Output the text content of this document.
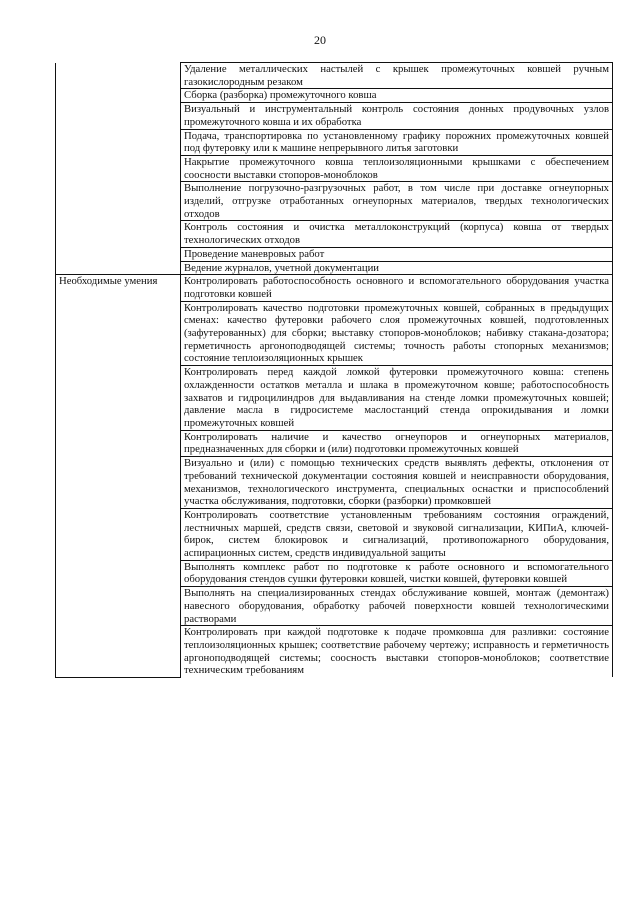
20
	Удаление металлических настылей с крышек промежуточных ковшей ручным газокислородным резаком
	Сборка (разборка) промежуточного ковша
	Визуальный и инструментальный контроль состояния донных продувочных узлов промежуточного ковша и их обработка
	Подача, транспортировка по установленному графику порожних промежуточных ковшей под футеровку или к машине непрерывного литья заготовки
	Накрытие промежуточного ковша теплоизоляционными крышками с обеспечением соосности выставки стопоров-моноблоков
	Выполнение погрузочно-разгрузочных работ, в том числе при доставке огнеупорных изделий, отгрузке отработанных огнеупорных материалов, твердых технологических отходов
	Контроль состояния и очистка металлоконструкций (корпуса) ковша от твердых технологических отходов
	Проведение маневровых работ
	Ведение журналов, учетной документации
Необходимые умения	Контролировать работоспособность основного и вспомогательного оборудования участка подготовки ковшей
	Контролировать качество подготовки промежуточных ковшей, собранных в предыдущих сменах: качество футеровки рабочего слоя промежуточных ковшей, подготовленных (зафутерованных) для сборки; выставку стопоров-моноблоков; набивку стакана-дозатора; герметичность аргоноподводящей системы; точность работы стопорных механизмов; состояние теплоизоляционных крышек
	Контролировать перед каждой ломкой футеровки промежуточного ковша: степень охлажденности остатков металла и шлака в промежуточном ковше; работоспособность захватов и гидроцилиндров для выдавливания на стенде ломки промежуточных ковшей; давление масла в гидросистеме маслостанций стенда опрокидывания и ломки промежуточных ковшей
	Контролировать наличие и качество огнеупоров и огнеупорных материалов, предназначенных для сборки и (или) подготовки промежуточных ковшей
	Визуально и (или) с помощью технических средств выявлять дефекты, отклонения от требований технической документации состояния ковшей и неисправности оборудования, механизмов, технологического инструмента, специальных оснастки и приспособлений участка обслуживания, подготовки, сборки (разборки) промковшей
	Контролировать соответствие установленным требованиям состояния ограждений, лестничных маршей, средств связи, световой и звуковой сигнализации, КИПиА, ключей-бирок, систем блокировок и сигнализаций, противопожарного оборудования, аспирационных систем, средств индивидуальной защиты
	Выполнять комплекс работ по подготовке к работе основного и вспомогательного оборудования стендов сушки футеровки ковшей, чистки ковшей, футеровки ковшей
	Выполнять на специализированных стендах обслуживание ковшей, монтаж (демонтаж) навесного оборудования, обработку рабочей поверхности ковшей технологическими растворами
	Контролировать при каждой подготовке к подаче промковша для разливки: состояние теплоизоляционных крышек; соответствие рабочему чертежу; исправность и герметичность аргоноподводящей системы; соосность выставки стопоров-моноблоков; соответствие техническим требованиям
